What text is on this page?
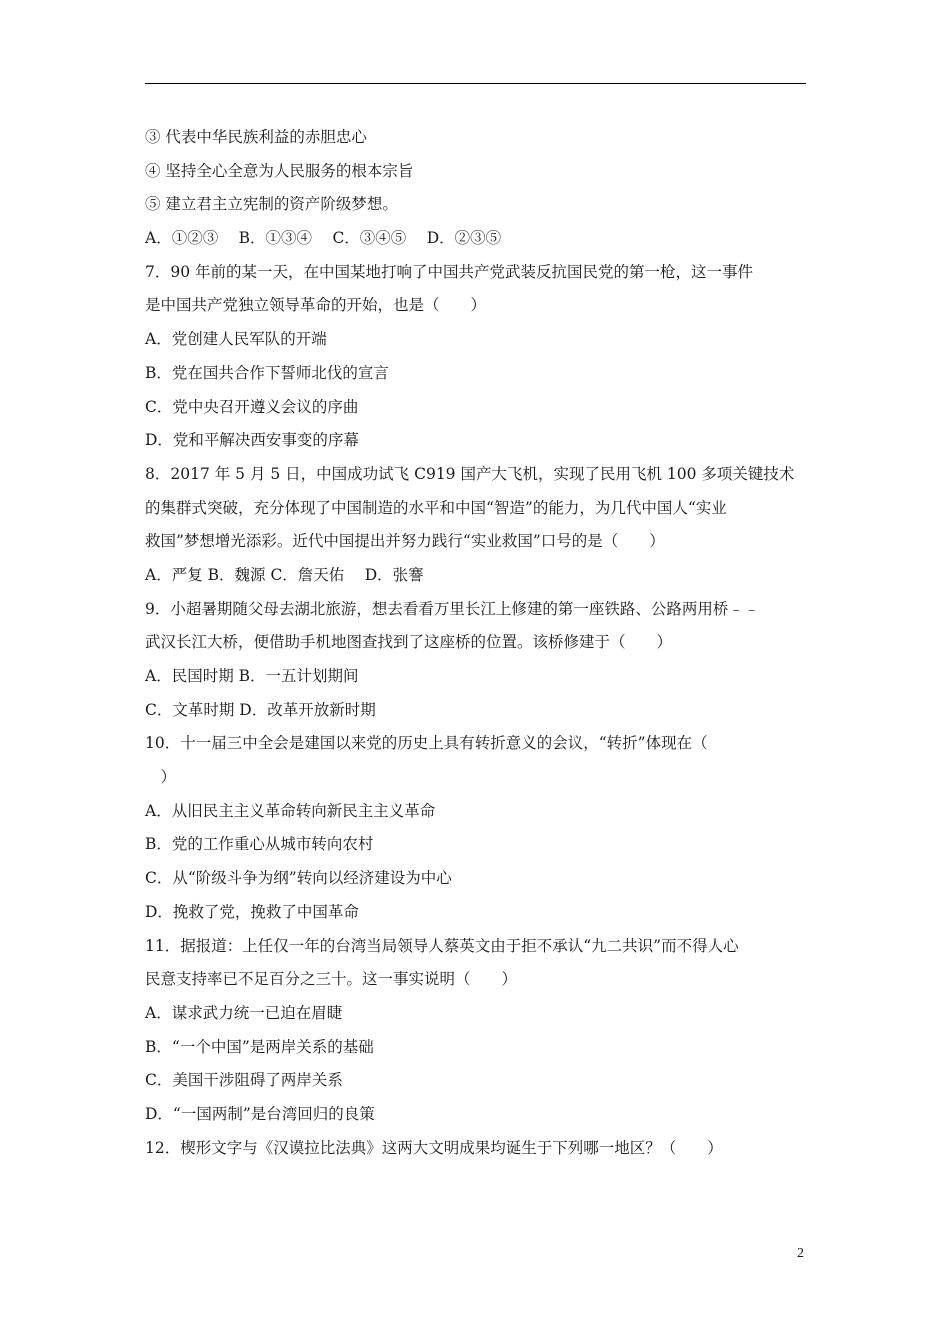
③ 代表中华民族利益的赤胆忠心
④ 坚持全心全意为人民服务的根本宗旨
⑤ 建立君主立宪制的资产阶级梦想。
A．①②③　 B．①③④　 C．③④⑤　 D．②③⑤
7．90 年前的某一天，在中国某地打响了中国共产党武装反抗国民党的第一枪，这一事件
是中国共产党独立领导革命的开始，也是（　　）
A．党创建人民军队的开端
B．党在国共合作下誓师北伐的宣言
C．党中央召开遵义会议的序曲
D．党和平解决西安事变的序幕
8．2017 年 5 月 5 日，中国成功试飞 C919 国产大飞机，实现了民用飞机 100 多项关键技术
的集群式突破，充分体现了中国制造的水平和中国“智造”的能力，为几代中国人“实业
救国”梦想增光添彩。近代中国提出并努力践行“实业救国”口号的是（　　）
A．严复 B．魏源 C．詹天佑　 D．张謇
9．小超暑期随父母去湖北旅游，想去看看万里长江上修建的第一座铁路、公路两用桥﹣﹣
武汉长江大桥，便借助手机地图查找到了这座桥的位置。该桥修建于（　　）
A．民国时期 B．一五计划期间
C．文革时期 D．改革开放新时期
10．十一届三中全会是建国以来党的历史上具有转折意义的会议，“转折”体现在（
　）
A．从旧民主主义革命转向新民主主义革命
B．党的工作重心从城市转向农村
C．从“阶级斗争为纲”转向以经济建设为中心
D．挽救了党，挽救了中国革命
11．据报道：上任仅一年的台湾当局领导人蔡英文由于拒不承认“九二共识”而不得人心
民意支持率已不足百分之三十。这一事实说明（　　）
A．谋求武力统一已迫在眉睫
B．“一个中国”是两岸关系的基础
C．美国干涉阻碍了两岸关系
D．“一国两制”是台湾回归的良策
12．楔形文字与《汉谟拉比法典》这两大文明成果均诞生于下列哪一地区？（　　）
2
